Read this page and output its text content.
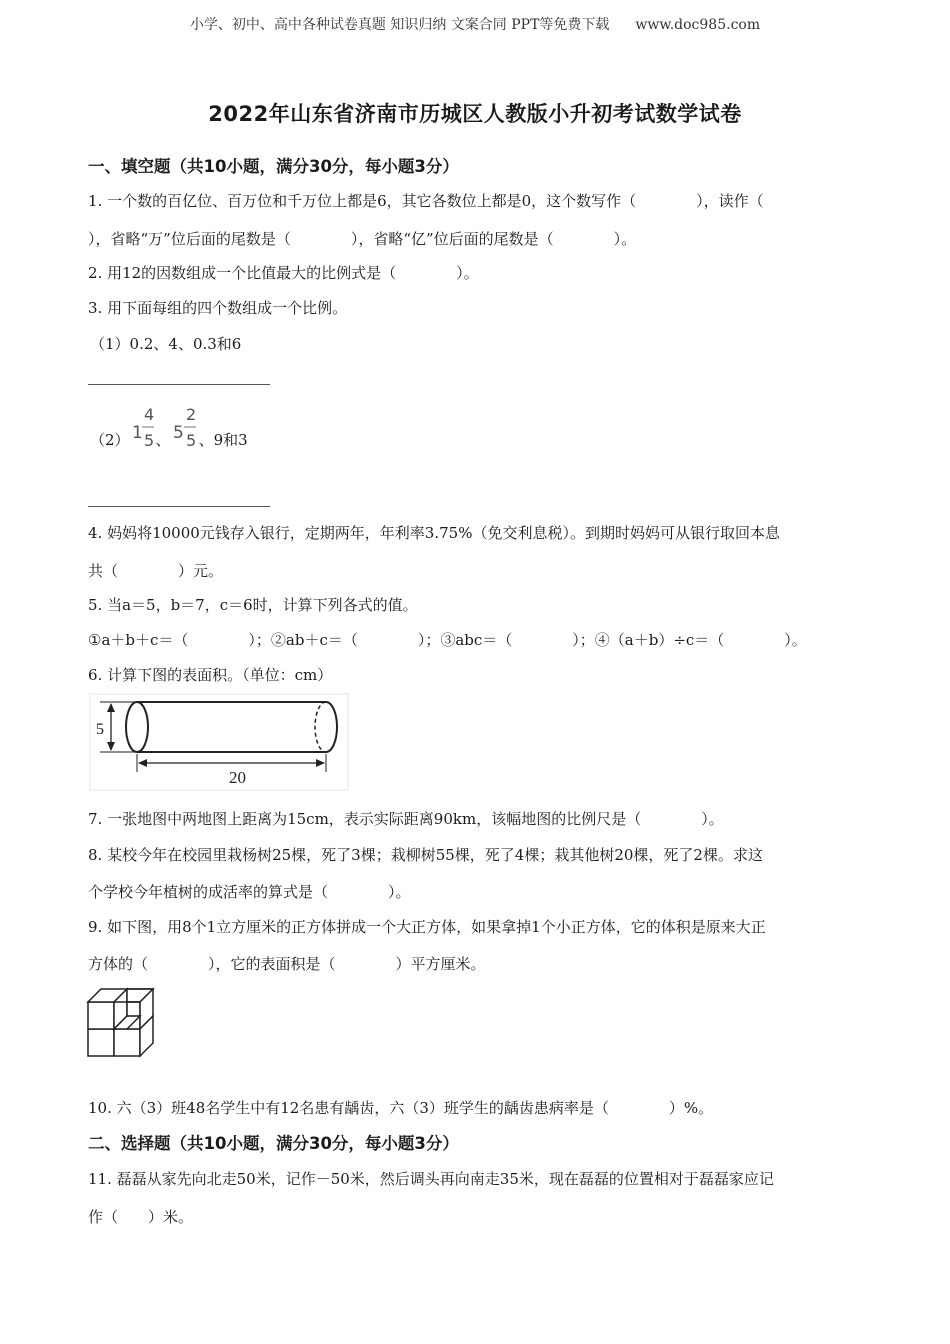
小学、初中、高中各种试卷真题 知识归纳 文案合同 PPT等免费下载 www.doc985.com
2022年山东省济南市历城区人教版小升初考试数学试卷
一、填空题（共10小题，满分30分，每小题3分）
1. 一个数的百亿位、百万位和千万位上都是6，其它各数位上都是0，这个数写作（　　　　），读作（
），省略“万”位后面的尾数是（　　　　），省略“亿”位后面的尾数是（　　　　）。
2. 用12的因数组成一个比值最大的比例式是（　　　　）。
3. 用下面每组的四个数组成一个比例。
（1）0.2、4、0.3和6
（2） 1
4
5 、 5
2
5 、9和3
4. 妈妈将10000元钱存入银行，定期两年，年利率3.75%（免交利息税）。到期时妈妈可从银行取回本息
共（　　　　）元。
5. 当a＝5，b＝7，c＝6时，计算下列各式的值。
①a＋b＋c＝（　　　　）；②ab＋c＝（　　　　）；③abc＝（　　　　）；④（a＋b）÷c＝（　　　　）。
6. 计算下图的表面积。（单位：cm）
5
20
7. 一张地图中两地图上距离为15cm，表示实际距离90km，该幅地图的比例尺是（　　　　）。
8. 某校今年在校园里栽杨树25棵，死了3棵；栽柳树55棵，死了4棵；栽其他树20棵，死了2棵。求这
个学校今年植树的成活率的算式是（　　　　）。
9. 如下图，用8个1立方厘米的正方体拼成一个大正方体，如果拿掉1个小正方体，它的体积是原来大正
方体的（　　　　），它的表面积是（　　　　）平方厘米。
10. 六（3）班48名学生中有12名患有龋齿，六（3）班学生的龋齿患病率是（　　　　）%。
二、选择题（共10小题，满分30分，每小题3分）
11. 磊磊从家先向北走50米，记作－50米，然后调头再向南走35米，现在磊磊的位置相对于磊磊家应记
作（　　）米。
